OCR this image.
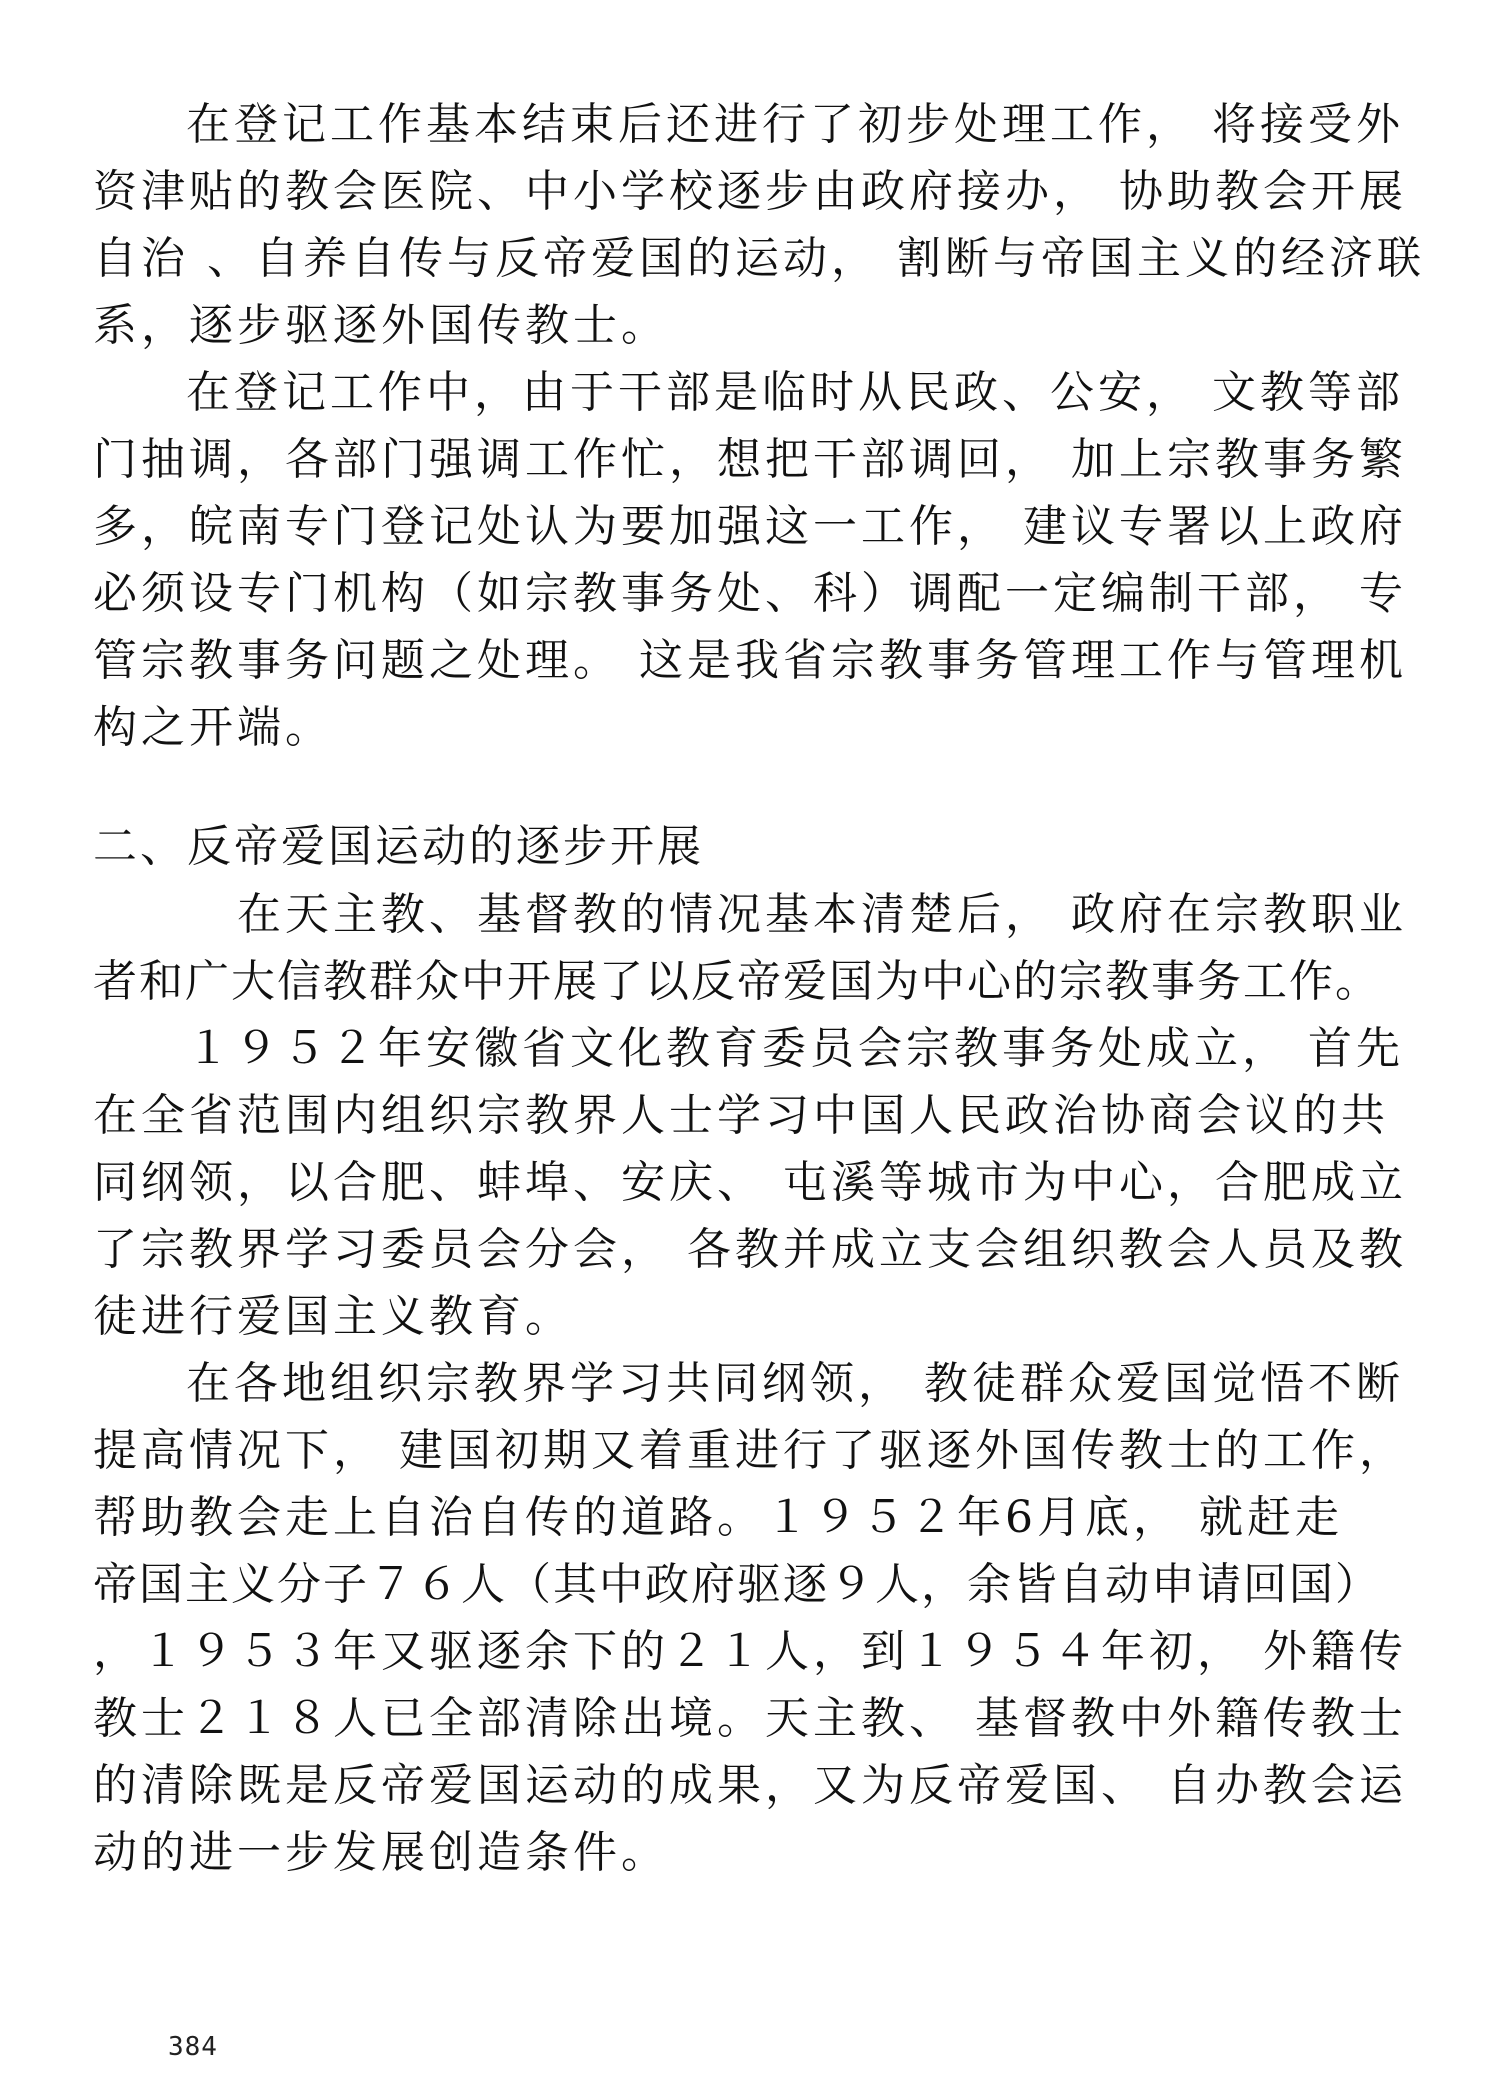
在登记工作基本结束后还进行了初步处理工作， 将接受外
资津贴的教会医院、中小学校逐步由政府接办， 协助教会开展
自治 、自养自传与反帝爱国的运动， 割断与帝国主义的经济联
系，逐步驱逐外国传教士。
在登记工作中，由于干部是临时从民政、公安， 文教等部
门抽调，各部门强调工作忙，想把干部调回， 加上宗教事务繁
多，皖南专门登记处认为要加强这一工作， 建议专署以上政府
必须设专门机构（如宗教事务处、科）调配一定编制干部， 专
管宗教事务问题之处理。 这是我省宗教事务管理工作与管理机
构之开端。
二、反帝爱国运动的逐步开展
在天主教、基督教的情况基本清楚后， 政府在宗教职业
者和广大信教群众中开展了以反帝爱国为中心的宗教事务工作。
１９５２年安徽省文化教育委员会宗教事务处成立， 首先
在全省范围内组织宗教界人士学习中国人民政治协商会议的共
同纲领，以合肥、蚌埠、安庆、 屯溪等城市为中心，合肥成立
了宗教界学习委员会分会， 各教并成立支会组织教会人员及教
徒进行爱国主义教育。
在各地组织宗教界学习共同纲领， 教徒群众爱国觉悟不断
提高情况下， 建国初期又着重进行了驱逐外国传教士的工作，
帮助教会走上自治自传的道路。１９５２年6月底， 就赶走
帝国主义分子７６人（其中政府驱逐９人，余皆自动申请回国）
，１９５３年又驱逐余下的２１人，到１９５４年初， 外籍传
教士２１８人已全部清除出境。天主教、 基督教中外籍传教士
的清除既是反帝爱国运动的成果，又为反帝爱国、 自办教会运
动的进一步发展创造条件。
384
